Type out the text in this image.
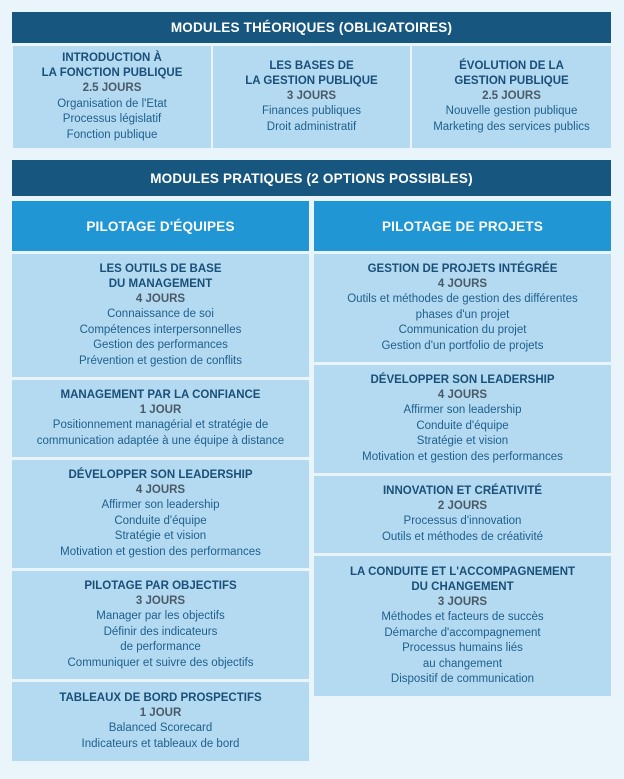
MODULES THÉORIQUES (OBLIGATOIRES)
INTRODUCTION À
LA FONCTION PUBLIQUE
2.5 JOURS
Organisation de l'Etat
Processus législatif
Fonction publique
LES BASES DE
LA GESTION PUBLIQUE
3 JOURS
Finances publiques
Droit administratif
ÉVOLUTION DE LA
GESTION PUBLIQUE
2.5 JOURS
Nouvelle gestion publique
Marketing des services publics
MODULES PRATIQUES (2 OPTIONS POSSIBLES)
PILOTAGE D'ÉQUIPES	PILOTAGE DE PROJETS
LES OUTILS DE BASE
DU MANAGEMENT
4 JOURS
Connaissance de soi
Compétences interpersonnelles
Gestion des performances
Prévention et gestion de conflits
MANAGEMENT PAR LA CONFIANCE
1 JOUR
Positionnement managérial et stratégie de
communication adaptée à une équipe à distance
DÉVELOPPER SON LEADERSHIP
4 JOURS
Affirmer son leadership
Conduite d'équipe
Stratégie et vision
Motivation et gestion des performances
PILOTAGE PAR OBJECTIFS
3 JOURS
Manager par les objectifs
Définir des indicateurs
de performance
Communiquer et suivre des objectifs
TABLEAUX DE BORD PROSPECTIFS
1 JOUR
Balanced Scorecard
Indicateurs et tableaux de bord
GESTION DE PROJETS INTÉGRÉE
4 JOURS
Outils et méthodes de gestion des différentes
phases d'un projet
Communication du projet
Gestion d'un portfolio de projets
DÉVELOPPER SON LEADERSHIP
4 JOURS
Affirmer son leadership
Conduite d'équipe
Stratégie et vision
Motivation et gestion des performances
INNOVATION ET CRÉATIVITÉ
2 JOURS
Processus d'innovation
Outils et méthodes de créativité
LA CONDUITE ET L'ACCOMPAGNEMENT
DU CHANGEMENT
3 JOURS
Méthodes et facteurs de succès
Démarche d'accompagnement
Processus humains liés
au changement
Dispositif de communication
